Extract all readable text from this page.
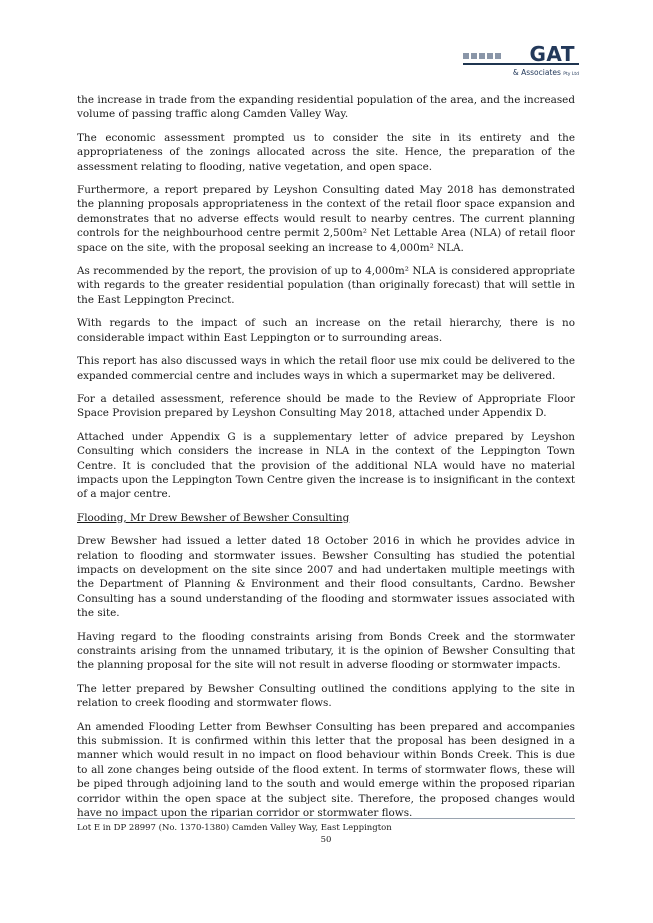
GAT
& Associates Pty Ltd

the increase in trade from the expanding residential population of the area, and the increased volume of passing traffic along Camden Valley Way.

The economic assessment prompted us to consider the site in its entirety and the appropriateness of the zonings allocated across the site. Hence, the preparation of the assessment relating to flooding, native vegetation, and open space.

Furthermore, a report prepared by Leyshon Consulting dated May 2018 has demonstrated the planning proposals appropriateness in the context of the retail floor space expansion and demonstrates that no adverse effects would result to nearby centres. The current planning controls for the neighbourhood centre permit 2,500m² Net Lettable Area (NLA) of retail floor space on the site, with the proposal seeking an increase to 4,000m² NLA.

As recommended by the report, the provision of up to 4,000m² NLA is considered appropriate with regards to the greater residential population (than originally forecast) that will settle in the East Leppington Precinct.

With regards to the impact of such an increase on the retail hierarchy, there is no considerable impact within East Leppington or to surrounding areas.

This report has also discussed ways in which the retail floor use mix could be delivered to the expanded commercial centre and includes ways in which a supermarket may be delivered.

For a detailed assessment, reference should be made to the Review of Appropriate Floor Space Provision prepared by Leyshon Consulting May 2018, attached under Appendix D.

Attached under Appendix G is a supplementary letter of advice prepared by Leyshon Consulting which considers the increase in NLA in the context of the Leppington Town Centre. It is concluded that the provision of the additional NLA would have no material impacts upon the Leppington Town Centre given the increase is to insignificant in the context of a major centre.

Flooding, Mr Drew Bewsher of Bewsher Consulting

Drew Bewsher had issued a letter dated 18 October 2016 in which he provides advice in relation to flooding and stormwater issues. Bewsher Consulting has studied the potential impacts on development on the site since 2007 and had undertaken multiple meetings with the Department of Planning & Environment and their flood consultants, Cardno. Bewsher Consulting has a sound understanding of the flooding and stormwater issues associated with the site.

Having regard to the flooding constraints arising from Bonds Creek and the stormwater constraints arising from the unnamed tributary, it is the opinion of Bewsher Consulting that the planning proposal for the site will not result in adverse flooding or stormwater impacts.

The letter prepared by Bewsher Consulting outlined the conditions applying to the site in relation to creek flooding and stormwater flows.

An amended Flooding Letter from Bewhser Consulting has been prepared and accompanies this submission. It is confirmed within this letter that the proposal has been designed in a manner which would result in no impact on flood behaviour within Bonds Creek. This is due to all zone changes being outside of the flood extent. In terms of stormwater flows, these will be piped through adjoining land to the south and would emerge within the proposed riparian corridor within the open space at the subject site. Therefore, the proposed changes would have no impact upon the riparian corridor or stormwater flows.

Lot E in DP 28997 (No. 1370-1380) Camden Valley Way, East Leppington
50
